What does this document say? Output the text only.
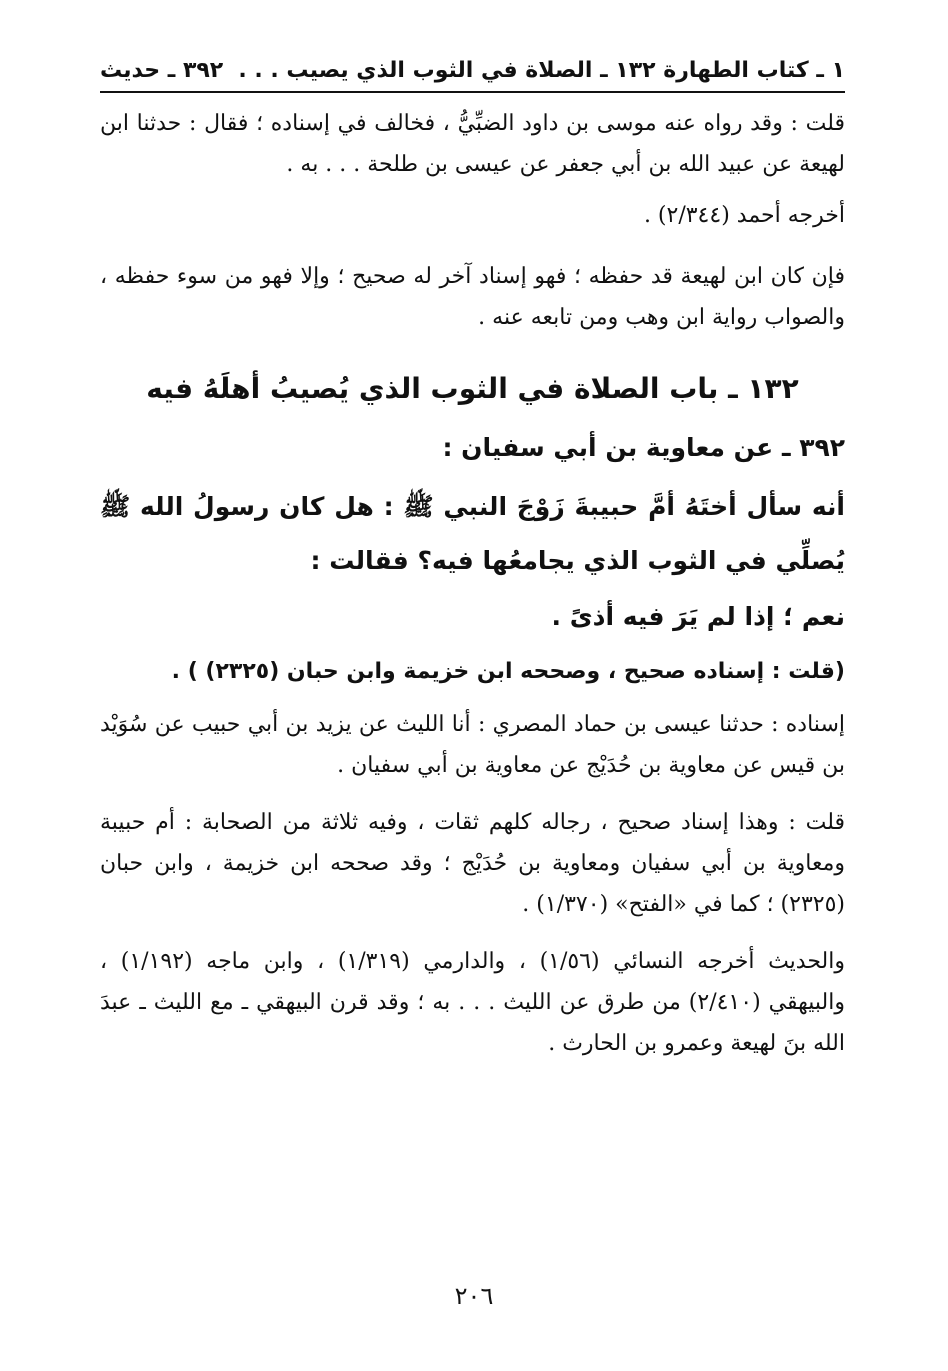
١ ـ كتاب الطهارة ١٣٢ ـ الصلاة في الثوب الذي يصيب . . .
٣٩٢ ـ حديث
قلت : وقد رواه عنه موسى بن داود الضبِّيُّ ، فخالف في إسناده ؛ فقال : حدثنا ابن لهيعة عن عبيد الله بن أبي جعفر عن عيسى بن طلحة . . . به .
أخرجه أحمد (٢/٣٤٤) .
فإن كان ابن لهيعة قد حفظه ؛ فهو إسناد آخر له صحيح ؛ وإلا فهو من سوء حفظه ، والصواب رواية ابن وهب ومن تابعه عنه .
١٣٢ ـ باب الصلاة في الثوب الذي يُصيبُ أهلَهُ فيه
٣٩٢ ـ عن معاوية بن أبي سفيان :
أنه سأل أختَهُ أمَّ حبيبةَ زَوْجَ النبي ﷺ : هل كان رسولُ الله ﷺ يُصلِّي في الثوب الذي يجامعُها فيه؟ فقالت :
نعم ؛ إذا لم يَرَ فيه أذىً .
(قلت : إسناده صحيح ، وصححه ابن خزيمة وابن حبان (٢٣٢٥) ) .
إسناده : حدثنا عيسى بن حماد المصري : أنا الليث عن يزيد بن أبي حبيب عن سُوَيْد بن قيس عن معاوية بن حُدَيْج عن معاوية بن أبي سفيان .
قلت : وهذا إسناد صحيح ، رجاله كلهم ثقات ، وفيه ثلاثة من الصحابة : أم حبيبة ومعاوية بن أبي سفيان ومعاوية بن حُدَيْج ؛ وقد صححه ابن خزيمة ، وابن حبان (٢٣٢٥) ؛ كما في «الفتح» (١/٣٧٠) .
والحديث أخرجه النسائي (١/٥٦) ، والدارمي (١/٣١٩) ، وابن ماجه (١/١٩٢) ، والبيهقي (٢/٤١٠) من طرق عن الليث . . . به ؛ وقد قرن البيهقي ـ مع الليث ـ عبدَ الله بنَ لهيعة وعمرو بن الحارث .
٢٠٦
